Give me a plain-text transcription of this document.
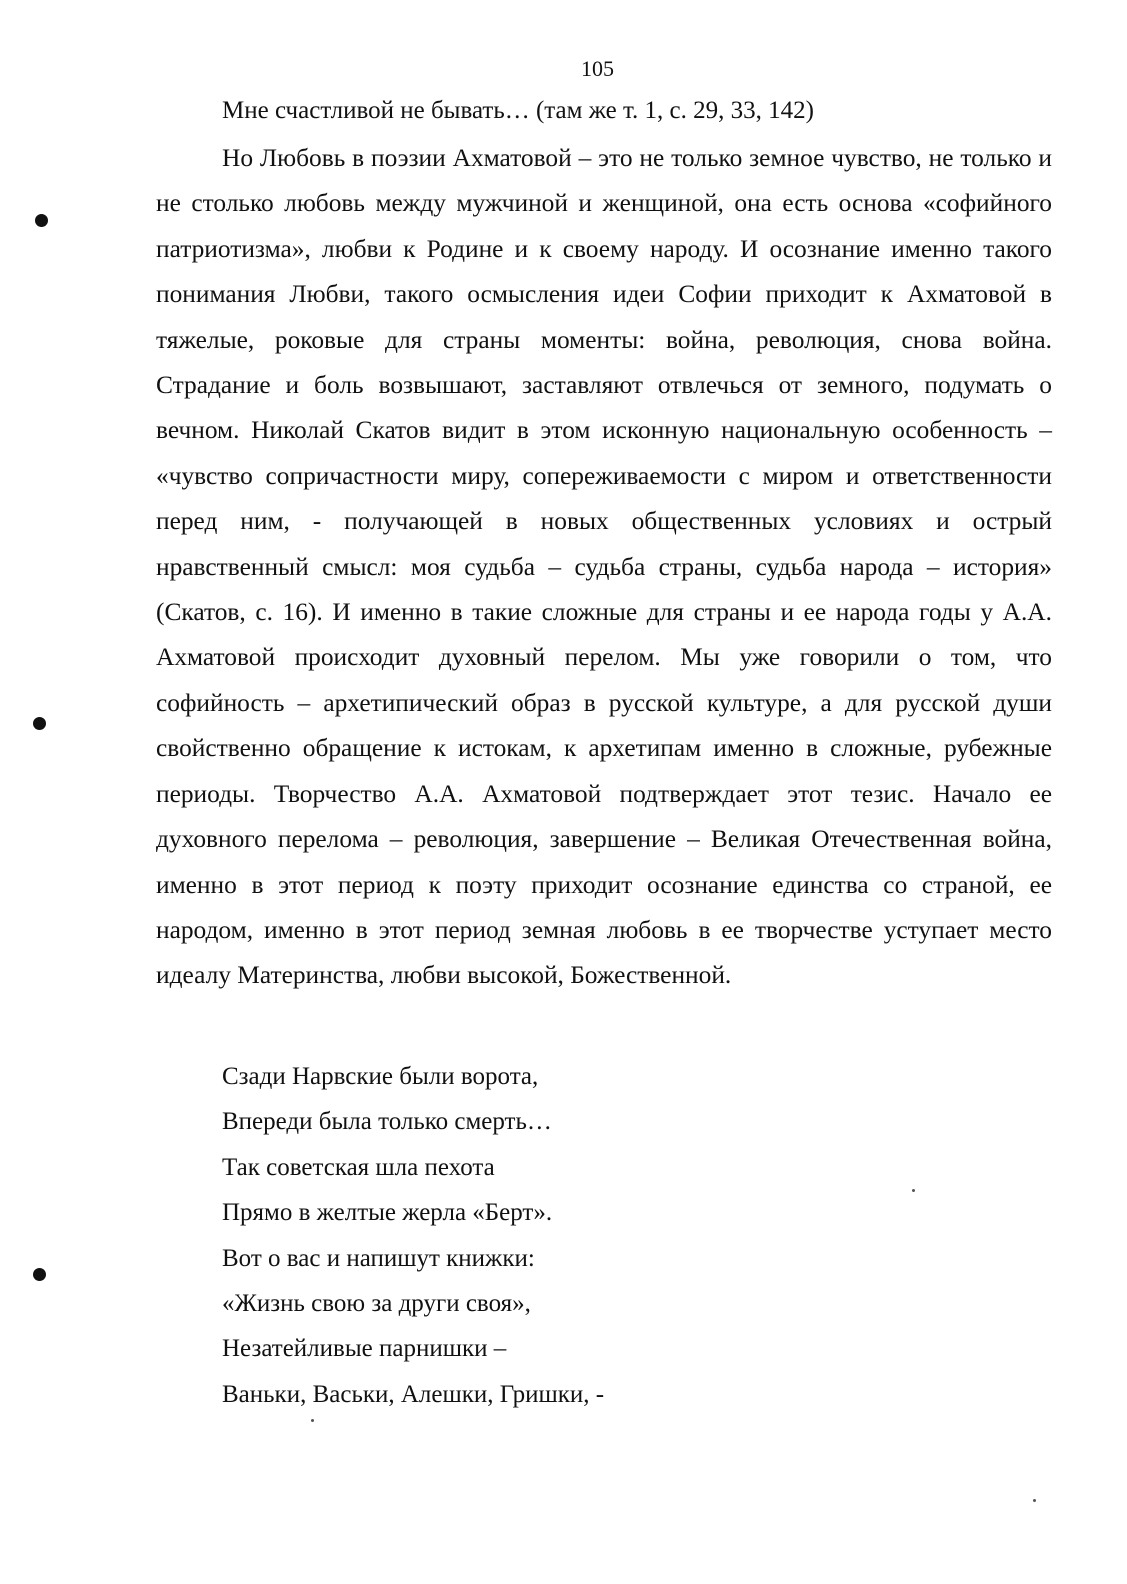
105
Мне счастливой не бывать… (там же т. 1, с. 29, 33, 142)

Но Любовь в поэзии Ахматовой – это не только земное чувство, не только и не столько любовь между мужчиной и женщиной, она есть основа «софийного патриотизма», любви к Родине и к своему народу. И осознание именно такого понимания Любви, такого осмысления идеи Софии приходит к Ахматовой в тяжелые, роковые для страны моменты: война, революция, снова война. Страдание и боль возвышают, заставляют отвлечься от земного, подумать о вечном. Николай Скатов видит в этом исконную национальную особенность – «чувство сопричастности миру, сопереживаемости с миром и ответственности перед ним, - получающей в новых общественных условиях и острый нравственный смысл: моя судьба – судьба страны, судьба народа – история» (Скатов, с. 16). И именно в такие сложные для страны и ее народа годы у А.А. Ахматовой происходит духовный перелом. Мы уже говорили о том, что софийность – архетипический образ в русской культуре, а для русской души свойственно обращение к истокам, к архетипам именно в сложные, рубежные периоды. Творчество А.А. Ахматовой подтверждает этот тезис. Начало ее духовного перелома – революция, завершение – Великая Отечественная война, именно в этот период к поэту приходит осознание единства со страной, ее народом, именно в этот период земная любовь в ее творчестве уступает место идеалу Материнства, любви высокой, Божественной.

Сзади Нарвские были ворота,
Впереди была только смерть…
Так советская шла пехота
Прямо в желтые жерла «Берт».
Вот о вас и напишут книжки:
«Жизнь свою за други своя»,
Незатейливые парнишки –
Ваньки, Васьки, Алешки, Гришки, -
